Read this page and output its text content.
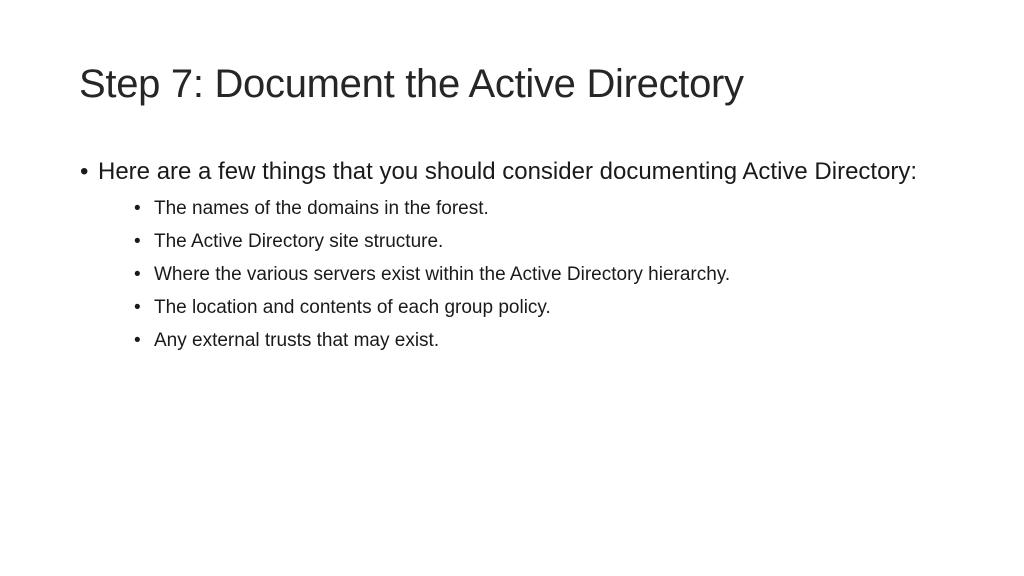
Step 7: Document the Active Directory
• Here are a few things that you should consider documenting Active Directory:
• The names of the domains in the forest.
• The Active Directory site structure.
• Where the various servers exist within the Active Directory hierarchy.
• The location and contents of each group policy.
• Any external trusts that may exist.
